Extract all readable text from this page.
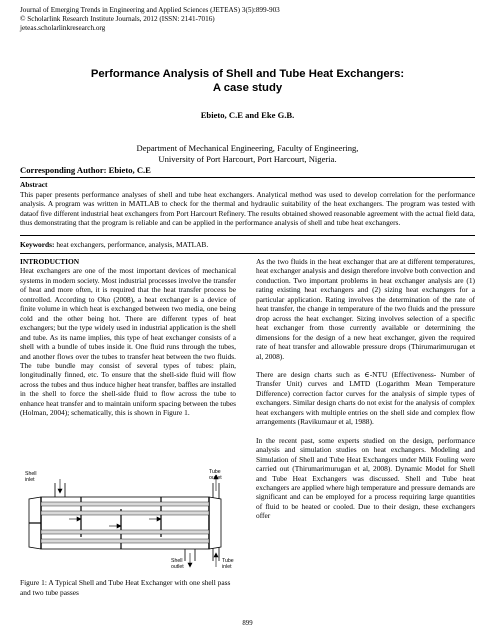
Journal of Emerging Trends in Engineering and Applied Sciences (JETEAS) 3(5):899-903
© Scholarlink Research Institute Journals, 2012 (ISSN: 2141-7016)
jeteas.scholarlinkresearch.org
Performance Analysis of Shell and Tube Heat Exchangers:
A case study
Ebieto, C.E and Eke G.B.
Department of Mechanical Engineering, Faculty of Engineering,
University of Port Harcourt, Port Harcourt, Nigeria.
Corresponding Author: Ebieto, C.E
Abstract
This paper presents performance analyses of shell and tube heat exchangers. Analytical method was used to develop correlation for the performance analysis. A program was written in MATLAB to check for the thermal and hydraulic suitability of the heat exchangers. The program was tested with dataof five different industrial heat exchangers from Port Harcourt Refinery. The results obtained showed reasonable agreement with the actual field data, thus demonstrating that the program is reliable and can be applied in the performance analysis of shell and tube heat exchangers.
Keywords: heat exchangers, performance, analysis, MATLAB.

INTRODUCTION

Heat exchangers are one of the most important devices of mechanical systems in modern society. Most industrial processes involve the transfer of heat and more often, it is required that the heat transfer process be controlled. According to Oko (2008), a heat exchanger is a device of finite volume in which heat is exchanged between two media, one being cold and the other being hot. There are different types of heat exchangers; but the type widely used in industrial application is the shell and tube. As its name implies, this type of heat exchanger consists of a shell with a bundle of tubes inside it. One fluid runs through the tubes, and another flows over the tubes to transfer heat between the two fluids. The tube bundle may consist of several types of tubes: plain, longitudinally finned, etc. To ensure that the shell-side fluid will flow across the tubes and thus induce higher heat transfer, baffles are installed in the shell to force the shell-side fluid to flow across the tube to enhance heat transfer and to maintain uniform spacing between the tubes (Holman, 2004); schematically, this is shown in Figure 1.

Shell
inlet
Tube
outlet
Shell
outlet
Tube
inlet
Figure 1: A Typical Shell and Tube Heat Exchanger with one shell pass and two tube passes

As the two fluids in the heat exchanger that are at different temperatures, heat exchanger analysis and design therefore involve both convection and conduction. Two important problems in heat exchanger analysis are (1) rating existing heat exchangers and (2) sizing heat exchangers for a particular application. Rating involves the determination of the rate of heat transfer, the change in temperature of the two fluids and the pressure drop across the heat exchanger. Sizing involves selection of a specific heat exchanger from those currently available or determining the dimensions for the design of a new heat exchanger, given the required rate of heat transfer and allowable pressure drops (Thirumarimurugan et al, 2008).

There are design charts such as ∈-NTU (Effectiveness- Number of Transfer Unit) curves and LMTD (Logarithm Mean Temperature Difference) correction factor curves for the analysis of simple types of exchangers. Similar design charts do not exist for the analysis of complex heat exchangers with multiple entries on the shell side and complex flow arrangements (Ravikumaur et al, 1988).

In the recent past, some experts studied on the design, performance analysis and simulation studies on heat exchangers. Modeling and Simulation of Shell and Tube Heat Exchangers under Milk Fouling were carried out (Thirumarimurugan et al, 2008). Dynamic Model for Shell and Tube Heat Exchangers was discussed. Shell and Tube heat exchangers are applied where high temperature and pressure demands are significant and can be employed for a process requiring large quantities of fluid to be heated or cooled. Due to their design, these exchangers offer

899
